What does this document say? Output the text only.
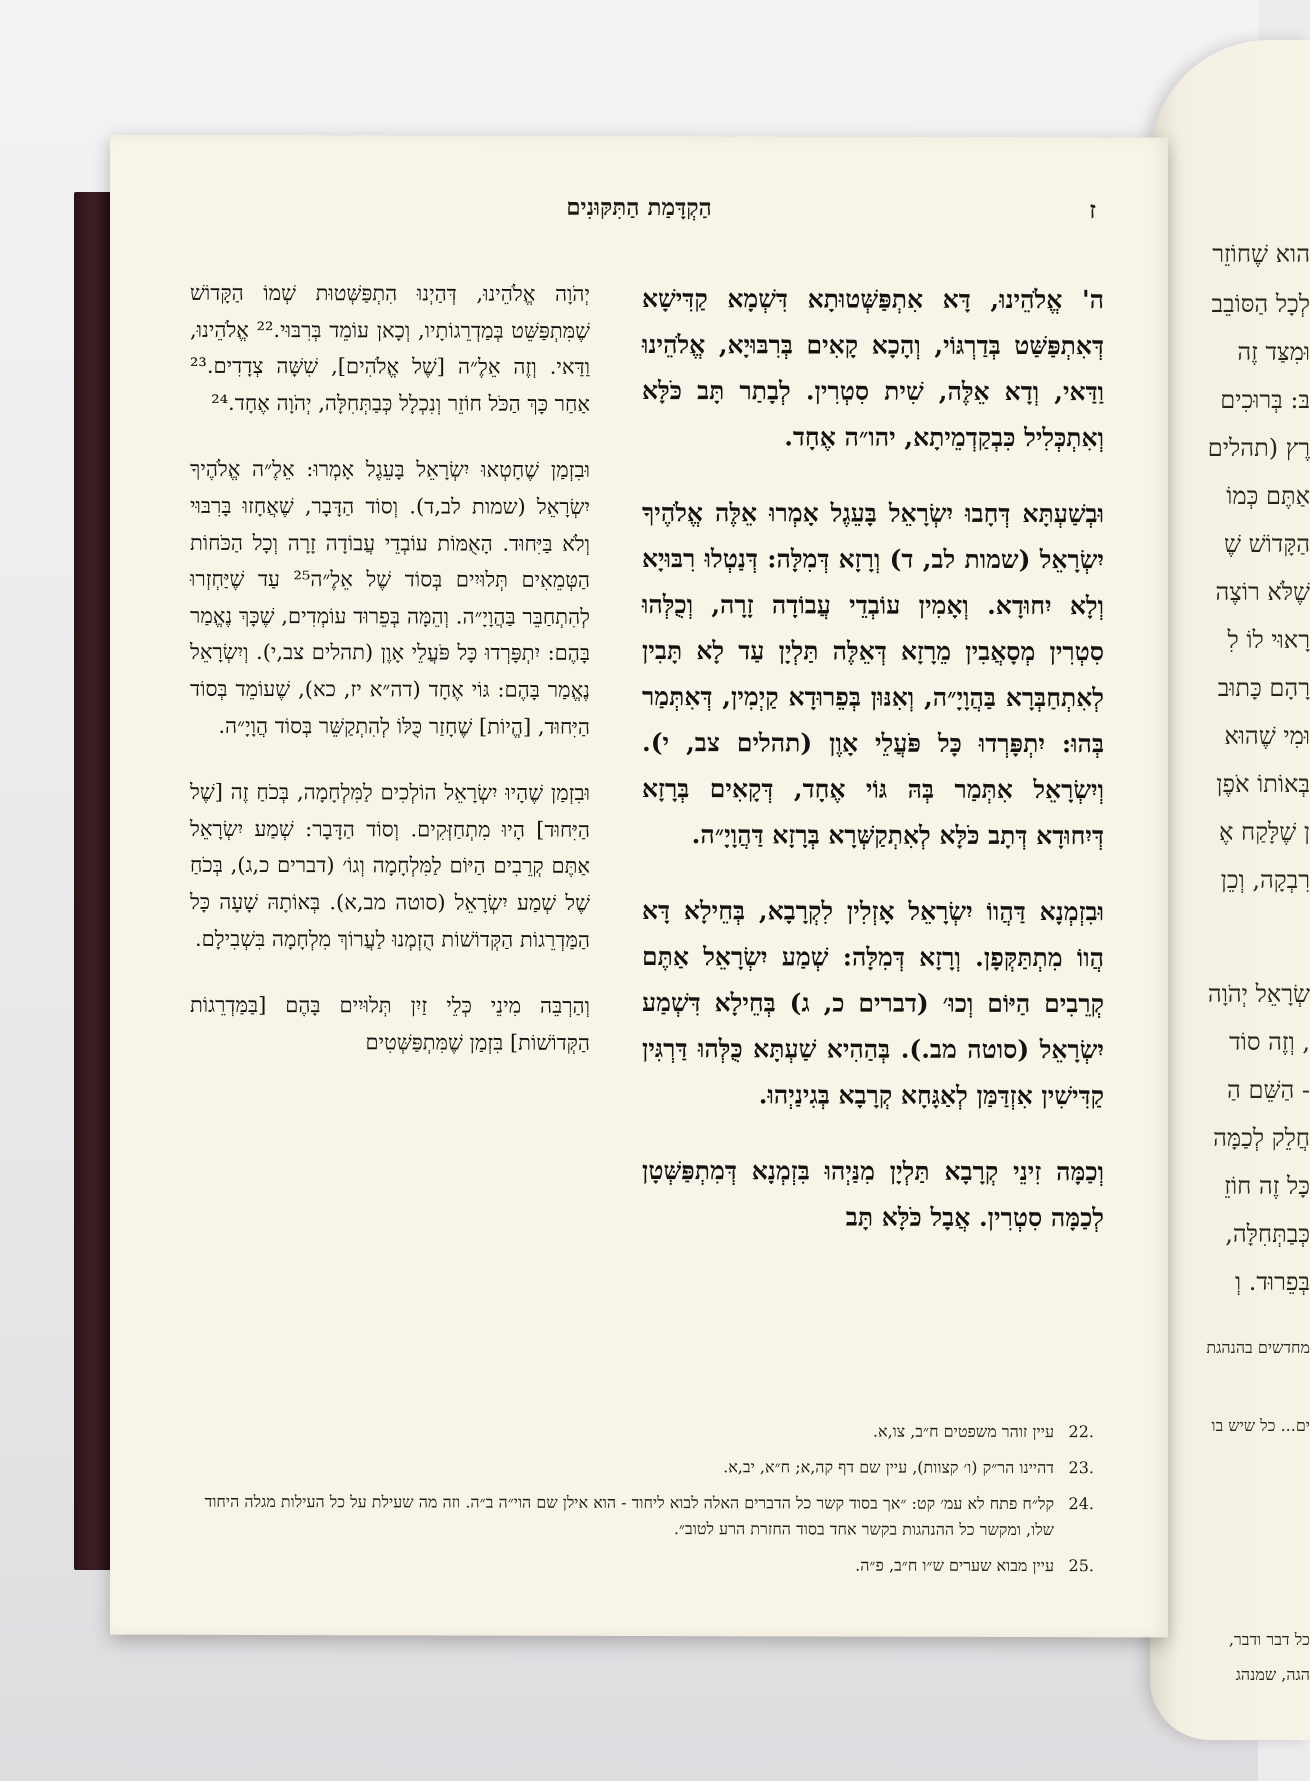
הוא שֶׁחוֹזֵר
לְכָל הַסּוֹבֵב
וּמִצַּד זֶה
בּ: בְּרוּכִים
רֶץ (תהלים
אַתֶּם כְּמוֹ
הַקָּדוֹשׁ שֶׁ
שֶׁלֹּא רוֹצֶה
רָאוּי לוֹ לִ
רָהָם כָּתוּב
וּמִי שֶׁהוּא
בְּאוֹתוֹ אֹפֶן
ן שֶׁלָּקַח אֶ
רִבְקָה, וְכֵן
שְׂרָאֵל יְהֹוָה
, וְזֶה סוֹד
- הַשֵּׁם הַ
חֲלֵק לְכַמָּה
כָּל זֶה חוֹזֵ
כְּבַתְּחִלָּה,
בְּפֵרוּד. וְ
מחדשים בהנהגת
ים... כל שיש בו
כל דבר ודבר,
הגה, שמנהג
הַקְדָּמַת הַתִּקּוּנִים	ז

ה' אֱלֹהֵינוּ, דָּא אִתְפַּשְּׁטוּתָא דִּשְׁמָא קַדִּישָׁא דְּאִתְפַּשַּׁט בְּדַרְגּוֹי, וְהָכָא קָאִים בְּרִבּוּיָא, אֱלֹהֵינוּ וַדַּאי, וְדָא אֵלֶּה, שִׁית סִטְרִין. לְבָתַר תָּב כֹּלָּא וְאִתְכְּלִיל כִּבְקַדְמֵיתָא, יהו״ה אֶחָד.

וּבְשַׁעְתָּא דְּחָבוּ יִשְׂרָאֵל בָּעֵגֶל אָמְרוּ אֵלֶּה אֱלֹהֶיךָ יִשְׂרָאֵל (שמות לב, ד) וְרָזָא דְּמִלָּה: דְּנַטְלוּ רִבּוּיָא וְלָא יִחוּדָא. וְאָמִין עוֹבְדֵי עֲבוֹדָה זָרָה, וְכֻלְּהוּ סִטְרִין מְסָאֲבִין מֵרָזָא דְּאֵלֶּה תַּלְיָן עַד לָא תָּבִין לְאִתְחַבְּרָא בַּהֲוָיָ״ה, וְאִנּוּן בְּפֵרוּדָא קַיְמִין, דְּאִתְּמַר בְּהוּ: יִתְפָּרְדוּ כָּל פֹּעֲלֵי אָוֶן (תהלים צב, י). וְיִשְׂרָאֵל אִתְּמַר בְּהּ גּוֹי אֶחָד, דְּקָאִים בְּרָזָא דְּיִחוּדָא דְּתָב כֹּלָּא לְאִתְקַשְּׁרָא בְּרָזָא דַּהֲוָיָ״ה.

וּבִזְמְנָא דַּהֲווֹ יִשְׂרָאֵל אָזְלִין לִקְרָבָא, בְּחֵילָא דָּא הֲווֹ מִתְתַּקְּפָן. וְרָזָא דְּמִלָּה: שְׁמַע יִשְׂרָאֵל אַתֶּם קְרֵבִים הַיּוֹם וְכוּ׳ (דברים כ, ג) בְּחֵילָא דִּשְׁמַע יִשְׂרָאֵל (סוטה מב.). בְּהַהִיא שַׁעְתָּא כֻּלְּהוּ דַּרְגִּין קַדִּישִׁין אִזְדַּמַּן לְאַגָּחָא קְרָבָא בְּגִינַיְהוּ.

וְכַמָּה זִינֵי קְרָבָא תַּלְיָן מִנַּיְהוּ בִּזְמְנָא דְּמִתְפַּשְּׁטָן לְכַמָּה סִטְרִין. אֲבָל כֹּלָּא תָּב

יְהֹוָה אֱלֹהֵינוּ, דְּהַיְנוּ הִתְפַּשְּׁטוּת שְׁמוֹ הַקָּדוֹשׁ שֶׁמִּתְפַּשֵּׁט בְּמַדְרֵגוֹתָיו, וְכָאן עוֹמֵד בְּרִבּוּי.²² אֱלֹהֵינוּ, וַדַּאי. וְזֶה אֵלֶ״ה [שֶׁל אֱלֹהִים], שִׁשָּׁה צְדָדִים.²³ אַחַר כָּךְ הַכֹּל חוֹזֵר וְנִכְלָל כְּבַתְּחִלָּה, יְהֹוָה אֶחָד.²⁴

וּבִזְמַן שֶׁחָטְאוּ יִשְׂרָאֵל בָּעֵגֶל אָמְרוּ: אֵלֶ״ה אֱלֹהֶיךָ יִשְׂרָאֵל (שמות לב,ד). וְסוֹד הַדָּבָר, שֶׁאֲחָזוּ בָּרִבּוּי וְלֹא בַּיִּחוּד. הָאֻמּוֹת עוֹבְדֵי עֲבוֹדָה זָרָה וְכָל הַכֹּחוֹת הַטְּמֵאִים תְּלוּיִים בְּסוֹד שֶׁל אֵלֶ״ה²⁵ עַד שֶׁיַּחְזְרוּ לְהִתְחַבֵּר בַּהֲוָיָ״ה. וְהֵמָּה בְּפֵרוּד עוֹמְדִים, שֶׁכָּךְ נֶאֱמַר בָּהֶם: יִתְפָּרְדוּ כָּל פֹּעֲלֵי אָוֶן (תהלים צב,י). וְיִשְׂרָאֵל נֶאֱמַר בָּהֶם: גּוֹי אֶחָד (דה״א יז, כא), שֶׁעוֹמֵד בְּסוֹד הַיִּחוּד, [הֱיוֹת] שֶׁחָזַר כֻּלּוֹ לְהִתְקַשֵּׁר בְּסוֹד הֲוָיָ״ה.

וּבִזְמַן שֶׁהָיוּ יִשְׂרָאֵל הוֹלְכִים לַמִּלְחָמָה, בְּכֹחַ זֶה [שֶׁל הַיִּחוּד] הָיוּ מִתְחַזְּקִים. וְסוֹד הַדָּבָר: שְׁמַע יִשְׂרָאֵל אַתֶּם קְרֵבִים הַיּוֹם לַמִּלְחָמָה וְגוֹ׳ (דברים כ,ג), בְּכֹחַ שֶׁל שְׁמַע יִשְׂרָאֵל (סוטה מב,א). בְּאוֹתָהּ שָׁעָה כָּל הַמַּדְרֵגוֹת הַקְּדוֹשׁוֹת הֻזְמְנוּ לַעֲרוֹךְ מִלְחָמָה בִּשְׁבִילָם.

וְהַרְבֵּה מִינֵי כְּלֵי זַיִן תְּלוּיִים בָּהֶם [בַּמַּדְרֵגוֹת הַקְּדוֹשׁוֹת] בִּזְמַן שֶׁמִּתְפַּשְּׁטִים

.22
עיין זוהר משפטים ח״ב, צו,א.
.23
דהיינו הר״ק (ו׳ קצוות), עיין שם דף קה,א; ח״א, יב,א.
.24
קל״ח פתח לא עמ׳ קט: ״אך בסוד קשר כל הדברים האלה לבוא ליחוד - הוא אילן שם הוי״ה ב״ה. וזה מה שעילת על כל העילות מגלה היחוד שלו, ומקשר כל ההנהגות בקשר אחד בסוד החזרת הרע לטוב״.
.25
עיין מבוא שערים ש״ו ח״ב, פ״ה.
